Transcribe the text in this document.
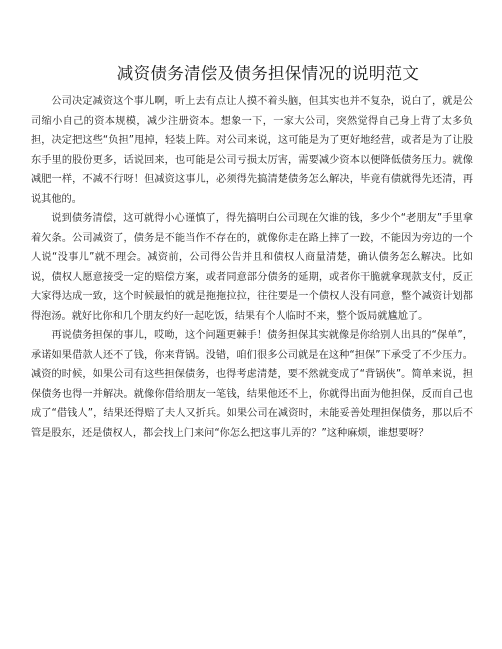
减资债务清偿及债务担保情况的说明范文

公司决定减资这个事儿啊，听上去有点让人摸不着头脑，但其实也并不复杂，说白了，就是公司缩小自己的资本规模，减少注册资本。想象一下，一家大公司，突然觉得自己身上背了太多负担，决定把这些“负担”甩掉，轻装上阵。对公司来说，这可能是为了更好地经营，或者是为了让股东手里的股份更多，话说回来，也可能是公司亏损太厉害，需要减少资本以便降低债务压力。就像减肥一样，不减不行呀！但减资这事儿，必须得先搞清楚债务怎么解决，毕竟有债就得先还清，再说其他的。

说到债务清偿，这可就得小心谨慎了，得先搞明白公司现在欠谁的钱，多少个“老朋友”手里拿着欠条。公司减资了，债务是不能当作不存在的，就像你走在路上摔了一跤，不能因为旁边的一个人说“没事儿”就不理会。减资前，公司得公告并且和债权人商量清楚，确认债务怎么解决。比如说，债权人愿意接受一定的赔偿方案，或者同意部分债务的延期，或者你干脆就拿现款支付，反正大家得达成一致，这个时候最怕的就是拖拖拉拉，往往要是一个债权人没有同意，整个减资计划都得泡汤。就好比你和几个朋友约好一起吃饭，结果有个人临时不来，整个饭局就尴尬了。

再说债务担保的事儿，哎呦，这个问题更棘手！债务担保其实就像是你给别人出具的“保单”，承诺如果借款人还不了钱，你来背锅。没错，咱们很多公司就是在这种“担保”下承受了不少压力。减资的时候，如果公司有这些担保债务，也得考虑清楚，要不然就变成了“背锅侠”。简单来说，担保债务也得一并解决。就像你借给朋友一笔钱，结果他还不上，你就得出面为他担保，反而自己也成了“借钱人”，结果还得赔了夫人又折兵。如果公司在减资时，未能妥善处理担保债务，那以后不管是股东，还是债权人，都会找上门来问“你怎么把这事儿弄的？”这种麻烦，谁想要呀？
